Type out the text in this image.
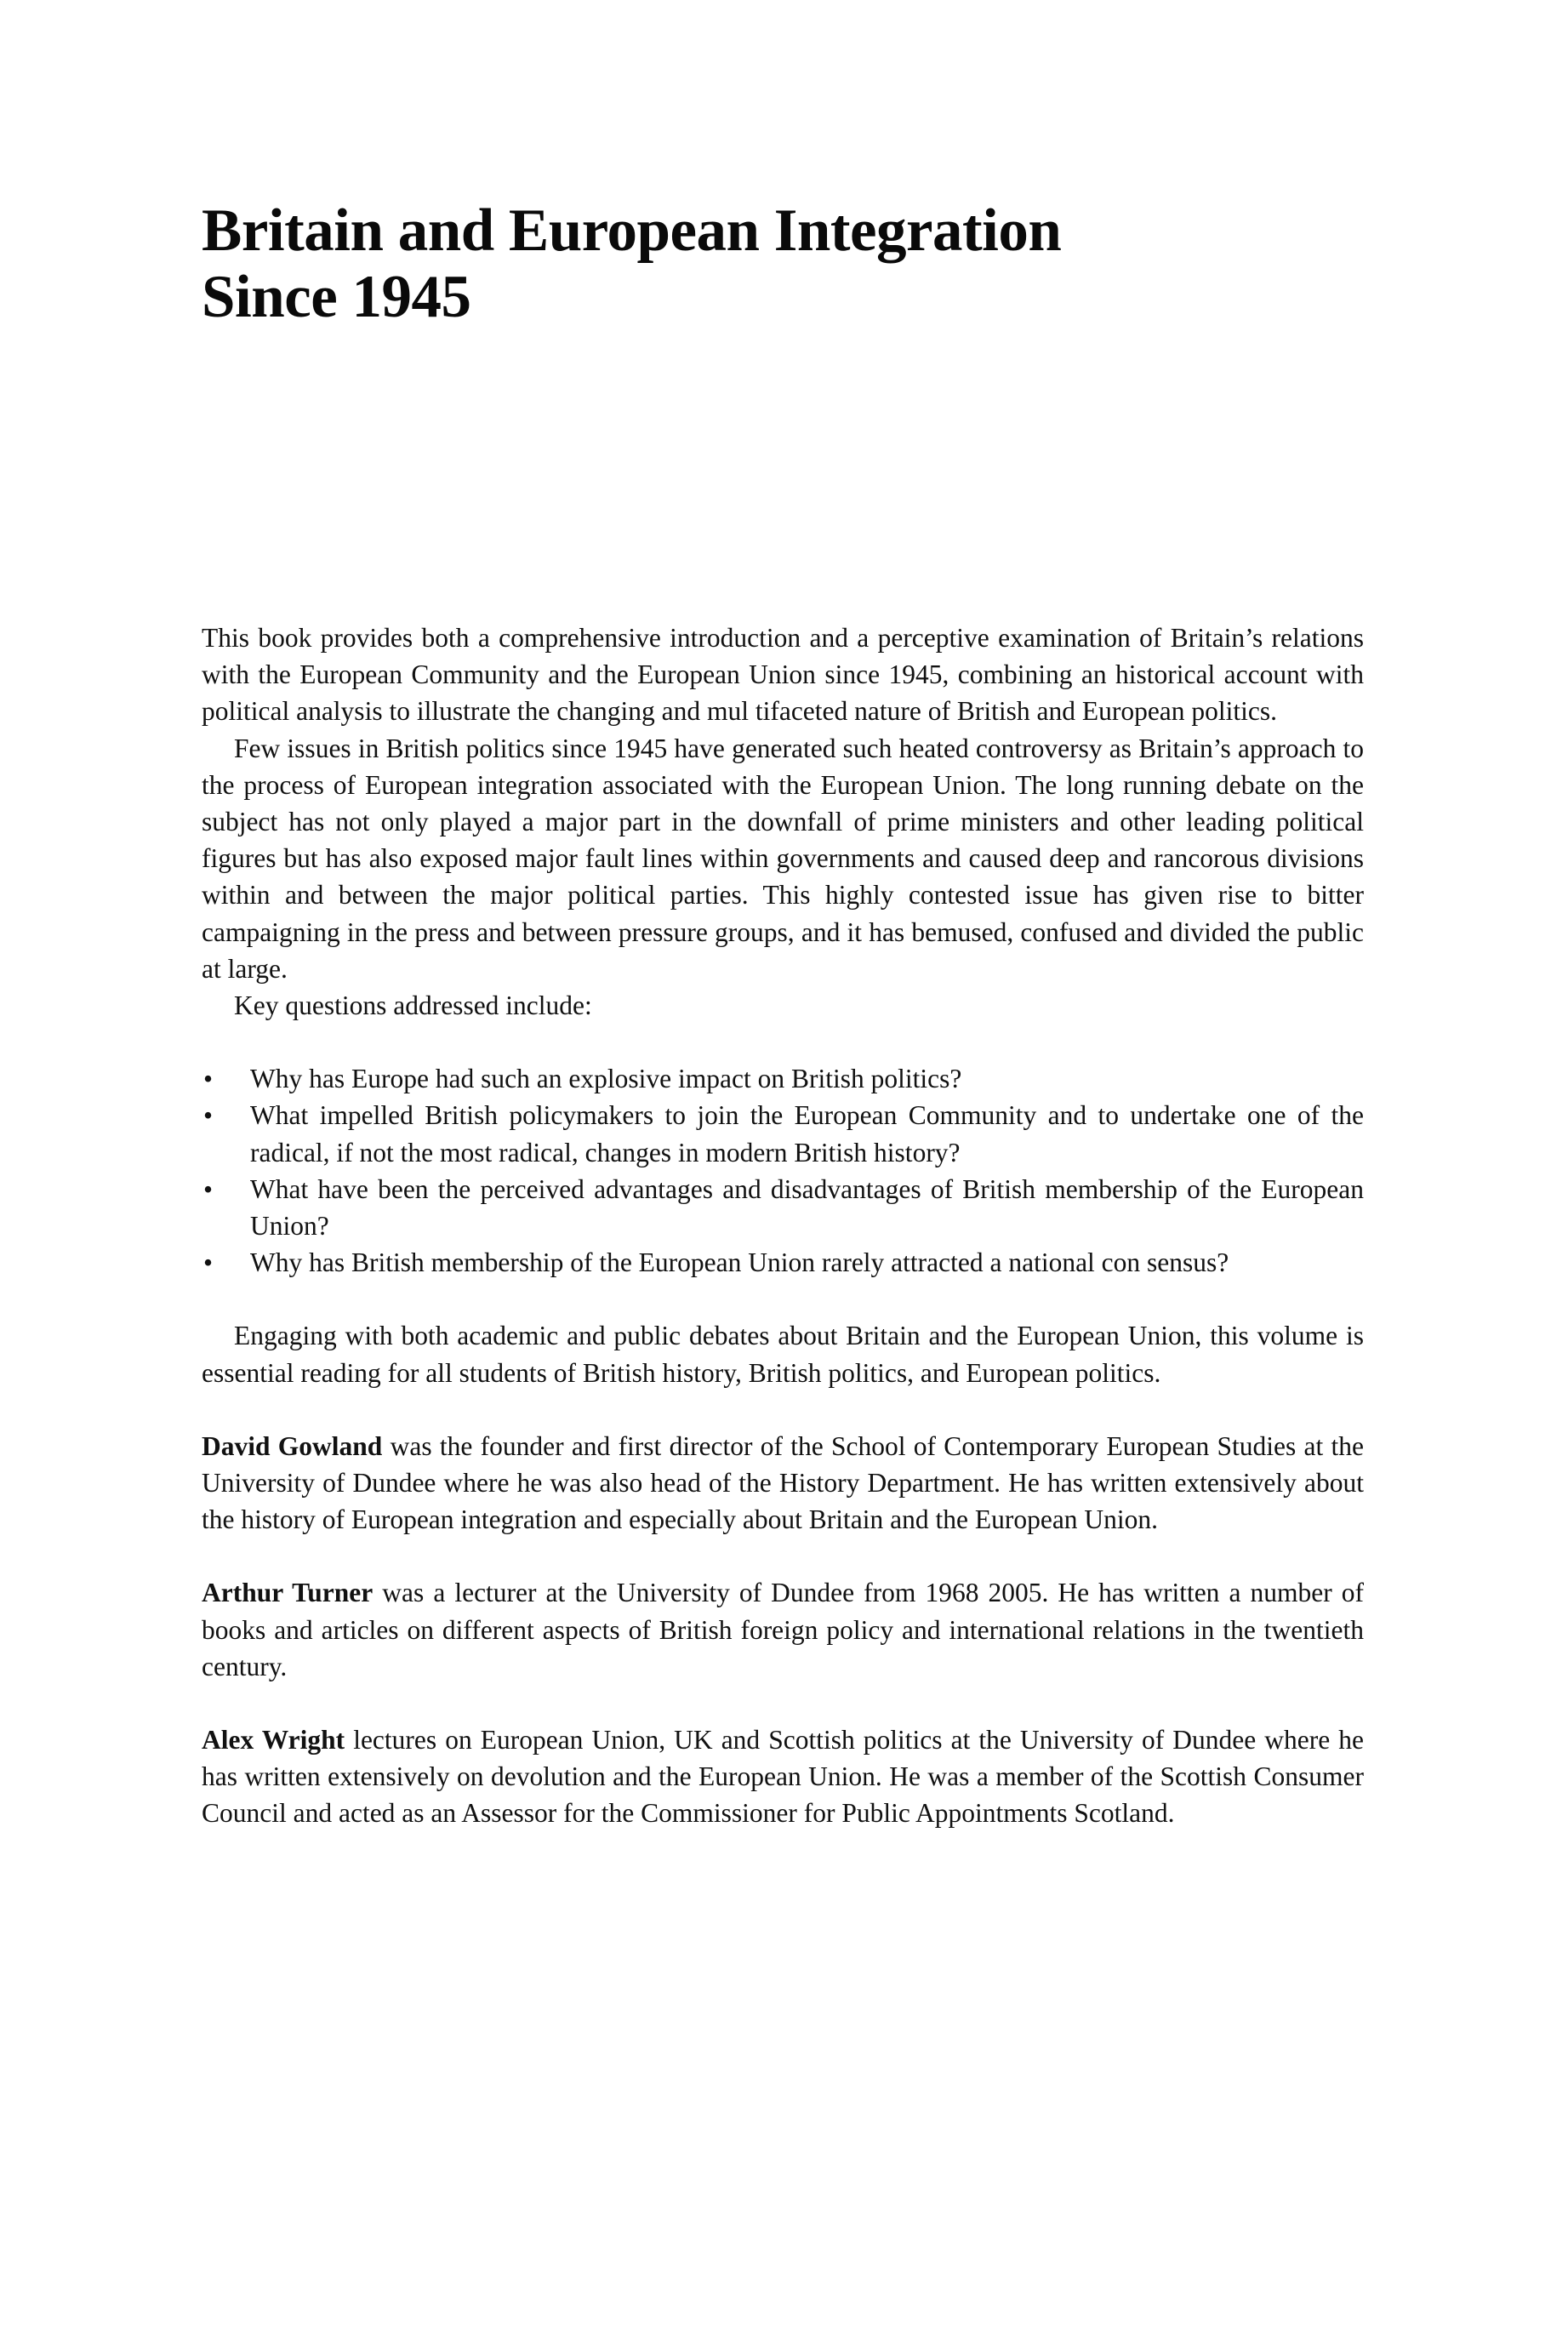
Britain and European Integration
Since 1945

This book provides both a comprehensive introduction and a perceptive examination of Britain’s relations with the European Community and the European Union since 1945, combining an historical account with political analysis to illustrate the changing and mul tifaceted nature of British and European politics.

Few issues in British politics since 1945 have generated such heated controversy as Britain’s approach to the process of European integration associated with the European Union. The long running debate on the subject has not only played a major part in the downfall of prime ministers and other leading political figures but has also exposed major fault lines within governments and caused deep and rancorous divisions within and between the major political parties. This highly contested issue has given rise to bitter campaigning in the press and between pressure groups, and it has bemused, confused and divided the public at large.

Key questions addressed include:

• Why has Europe had such an explosive impact on British politics?
• What impelled British policymakers to join the European Community and to undertake one of the radical, if not the most radical, changes in modern British history?
• What have been the perceived advantages and disadvantages of British membership of the European Union?
• Why has British membership of the European Union rarely attracted a national con sensus?

Engaging with both academic and public debates about Britain and the European Union, this volume is essential reading for all students of British history, British politics, and European politics.

David Gowland was the founder and first director of the School of Contemporary European Studies at the University of Dundee where he was also head of the History Department. He has written extensively about the history of European integration and especially about Britain and the European Union.

Arthur Turner was a lecturer at the University of Dundee from 1968 2005. He has written a number of books and articles on different aspects of British foreign policy and international relations in the twentieth century.

Alex Wright lectures on European Union, UK and Scottish politics at the University of Dundee where he has written extensively on devolution and the European Union. He was a member of the Scottish Consumer Council and acted as an Assessor for the Commissioner for Public Appointments Scotland.
